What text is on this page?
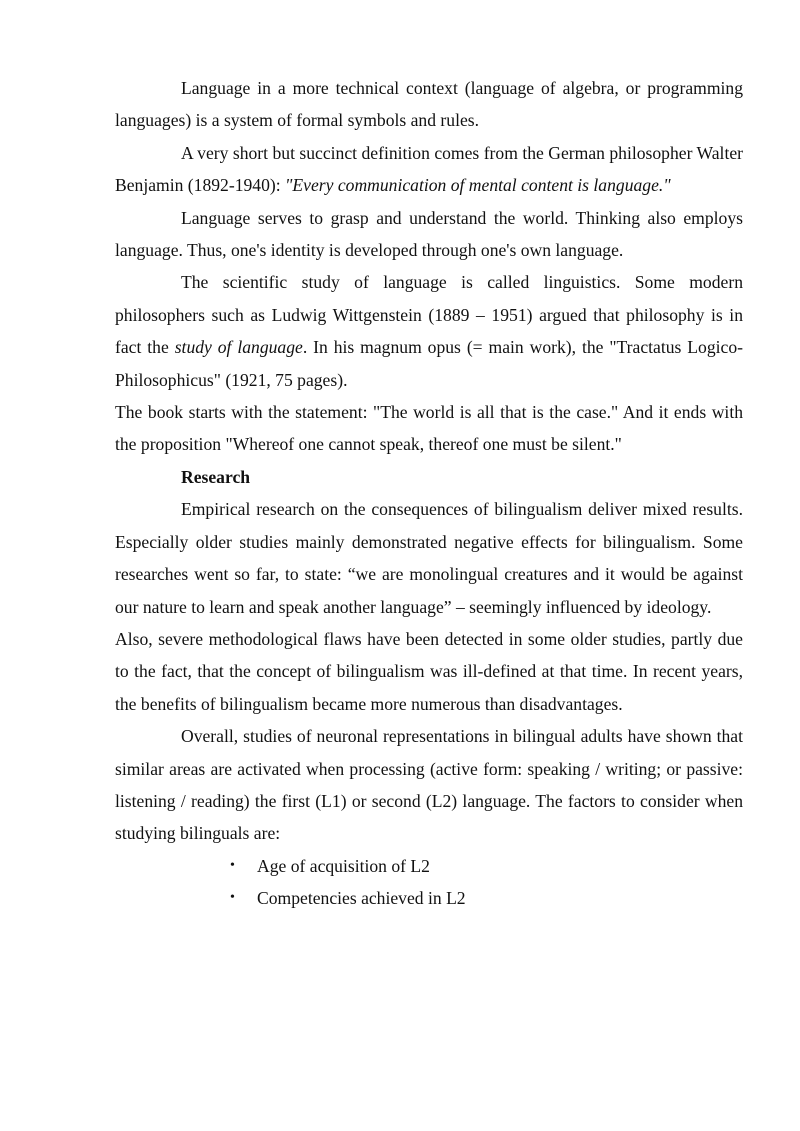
Language in a more technical context (language of algebra, or programming languages) is a system of formal symbols and rules.

A very short but succinct definition comes from the German philosopher Walter Benjamin (1892-1940): "Every communication of mental content is language."

Language serves to grasp and understand the world. Thinking also employs language. Thus, one's identity is developed through one's own language.

The scientific study of language is called linguistics. Some modern philosophers such as Ludwig Wittgenstein (1889 – 1951) argued that philosophy is in fact the study of language. In his magnum opus (= main work), the "Tractatus Logico-Philosophicus" (1921, 75 pages).
The book starts with the statement: "The world is all that is the case." And it ends with the proposition "Whereof one cannot speak, thereof one must be silent."

Research

Empirical research on the consequences of bilingualism deliver mixed results. Especially older studies mainly demonstrated negative effects for bilingualism. Some researches went so far, to state: “we are monolingual creatures and it would be against our nature to learn and speak another language” – seemingly influenced by ideology.
Also, severe methodological flaws have been detected in some older studies, partly due to the fact, that the concept of bilingualism was ill-defined at that time. In recent years, the benefits of bilingualism became more numerous than disadvantages.

Overall, studies of neuronal representations in bilingual adults have shown that similar areas are activated when processing (active form: speaking / writing; or passive: listening / reading) the first (L1) or second (L2) language. The factors to consider when studying bilinguals are:

• Age of acquisition of L2
• Competencies achieved in L2
